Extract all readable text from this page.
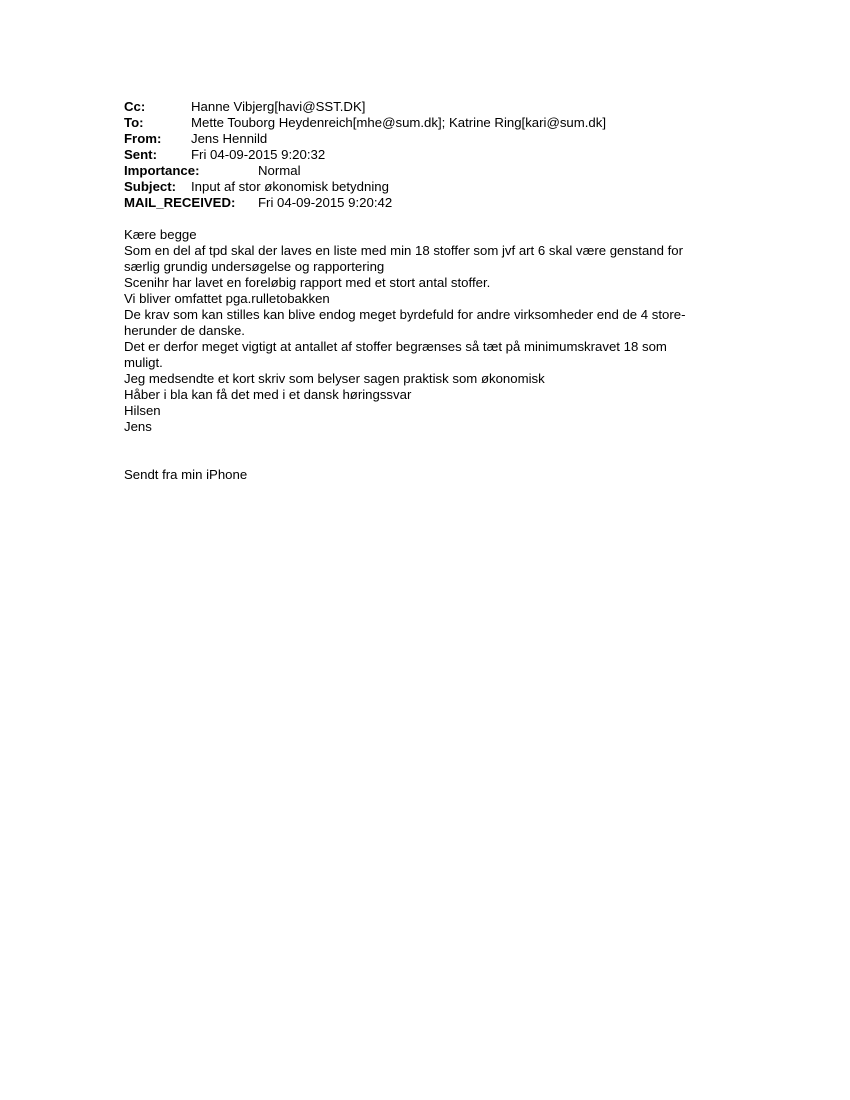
Cc:	Hanne Vibjerg[havi@SST.DK]
To:	Mette Touborg Heydenreich[mhe@sum.dk]; Katrine Ring[kari@sum.dk]
From: Jens Hennild
Sent:	Fri 04-09-2015 9:20:32
Importance:	Normal
Subject: Input af stor økonomisk betydning
MAIL_RECEIVED: Fri 04-09-2015 9:20:42
Kære begge
Som en del af tpd skal der laves en liste med min 18 stoffer som jvf art 6 skal være genstand for
særlig grundig undersøgelse og rapportering
Scenihr har lavet en foreløbig rapport med et stort antal stoffer.
Vi bliver omfattet pga.rulletobakken
De krav som kan stilles kan blive endog meget byrdefuld for andre virksomheder end de 4 store-
herunder de danske.
Det er derfor meget vigtigt at antallet af stoffer begrænses så tæt på minimumskravet 18 som
muligt.
Jeg medsendte et kort skriv som belyser sagen praktisk som økonomisk
Håber i bla kan få det med i et dansk høringssvar
Hilsen
Jens
Sendt fra min iPhone
